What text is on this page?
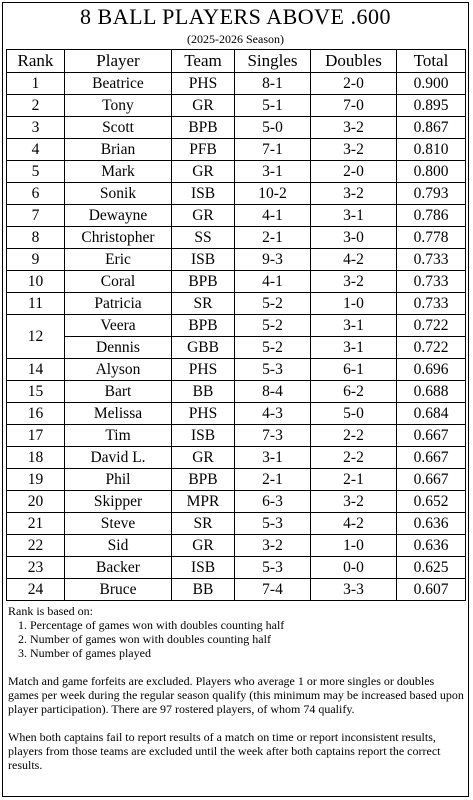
8 BALL PLAYERS ABOVE .600
(2025-2026 Season)
Rank	Player	Team	Singles	Doubles	Total
1	Beatrice	PHS	8-1	2-0	0.900
2	Tony	GR	5-1	7-0	0.895
3	Scott	BPB	5-0	3-2	0.867
4	Brian	PFB	7-1	3-2	0.810
5	Mark	GR	3-1	2-0	0.800
6	Sonik	ISB	10-2	3-2	0.793
7	Dewayne	GR	4-1	3-1	0.786
8	Christopher	SS	2-1	3-0	0.778
9	Eric	ISB	9-3	4-2	0.733
10	Coral	BPB	4-1	3-2	0.733
11	Patricia	SR	5-2	1-0	0.733
12	Veera	BPB	5-2	3-1	0.722
	Dennis	GBB	5-2	3-1	0.722
14	Alyson	PHS	5-3	6-1	0.696
15	Bart	BB	8-4	6-2	0.688
16	Melissa	PHS	4-3	5-0	0.684
17	Tim	ISB	7-3	2-2	0.667
18	David L.	GR	3-1	2-2	0.667
19	Phil	BPB	2-1	2-1	0.667
20	Skipper	MPR	6-3	3-2	0.652
21	Steve	SR	5-3	4-2	0.636
22	Sid	GR	3-2	1-0	0.636
23	Backer	ISB	5-3	0-0	0.625
24	Bruce	BB	7-4	3-3	0.607

Rank is based on:

1. Percentage of games won with doubles counting half
2. Number of games won with doubles counting half
3. Number of games played

Match and game forfeits are excluded. Players who average 1 or more singles or doubles games per week during the regular season qualify (this minimum may be increased based upon player participation). There are 97 rostered players, of whom 74 qualify.

When both captains fail to report results of a match on time or report inconsistent results, players from those teams are excluded until the week after both captains report the correct results.
